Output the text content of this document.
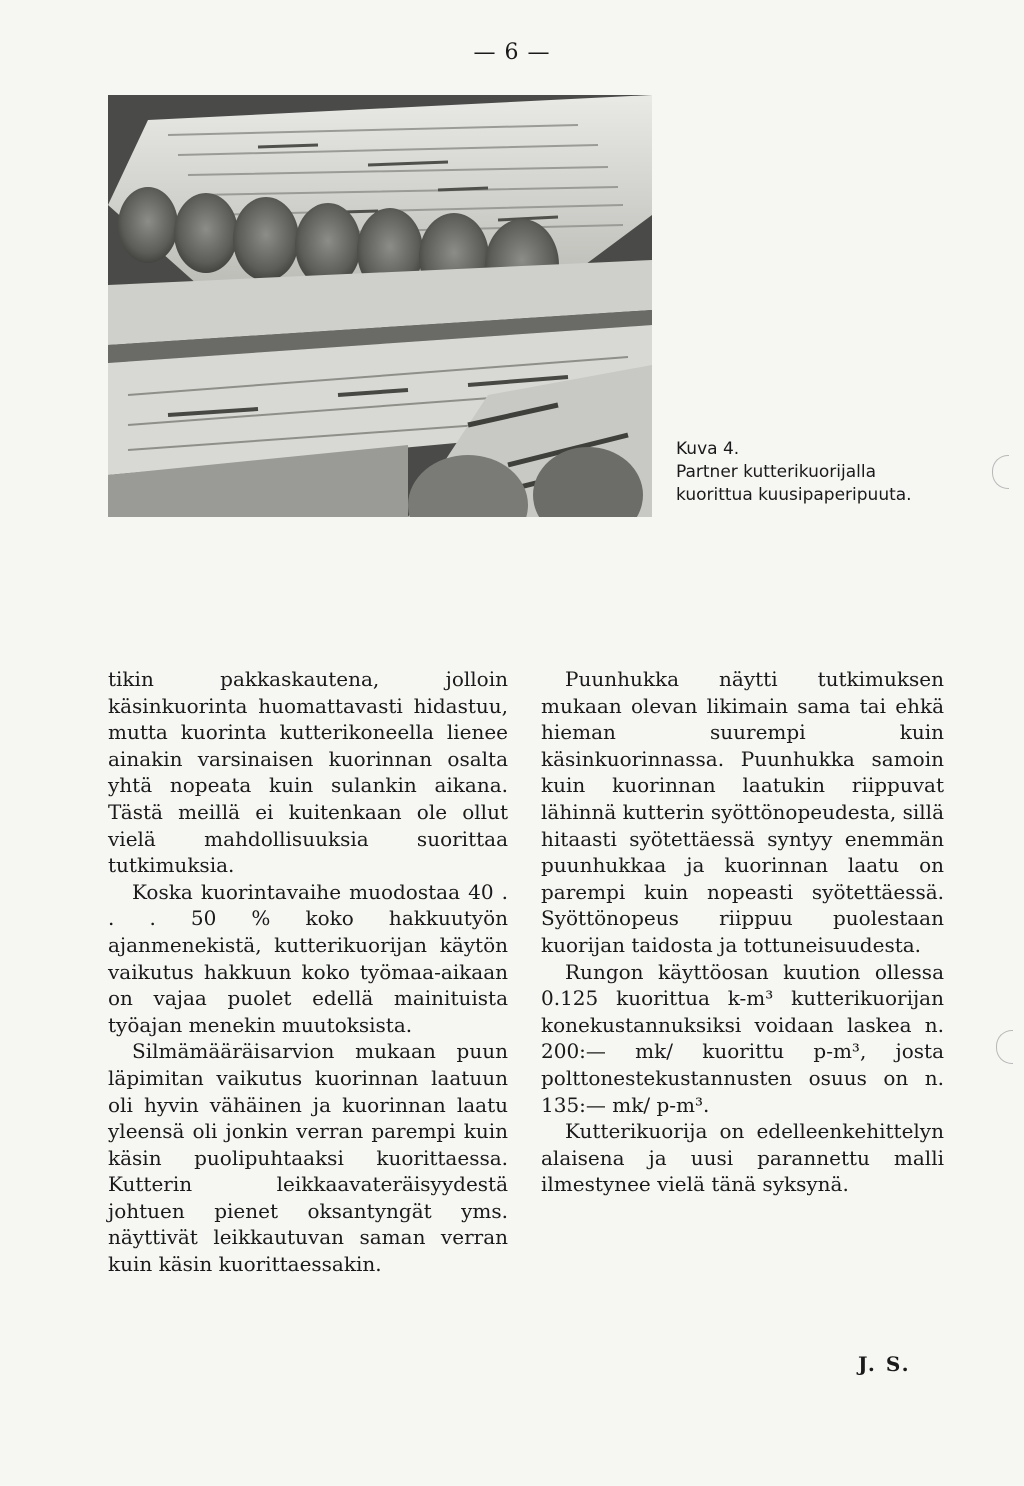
— 6 —
Kuva 4.
Partner kutterikuorijalla
kuorittua kuusipaperipuuta.

tikin pakkaskautena, jolloin käsinkuorinta huomattavasti hidastuu, mutta kuorinta kutterikoneella lienee ainakin varsinaisen kuorinnan osalta yhtä nopeata kuin sulankin aikana. Tästä meillä ei kuitenkaan ole ollut vielä mahdollisuuksia suorittaa tutkimuksia.

Koska kuorintavaihe muodostaa 40 . . . 50 % koko hakkuutyön ajanmenekistä, kutterikuorijan käytön vaikutus hakkuun koko työmaa-aikaan on vajaa puolet edellä mainituista työajan menekin muutoksista.

Silmämääräisarvion mukaan puun läpimitan vaikutus kuorinnan laatuun oli hyvin vähäinen ja kuorinnan laatu yleensä oli jonkin verran parempi kuin käsin puolipuhtaaksi kuorittaessa. Kutterin leikkaavateräisyydestä johtuen pienet oksantyngät yms. näyttivät leikkautuvan saman verran kuin käsin kuorittaessakin.

Puunhukka näytti tutkimuksen mukaan olevan likimain sama tai ehkä hieman suurempi kuin käsinkuorinnassa. Puunhukka samoin kuin kuorinnan laatukin riippuvat lähinnä kutterin syöttönopeudesta, sillä hitaasti syötettäessä syntyy enemmän puunhukkaa ja kuorinnan laatu on parempi kuin nopeasti syötettäessä. Syöttönopeus riippuu puolestaan kuorijan taidosta ja tottuneisuudesta.

Rungon käyttöosan kuution ollessa 0.125 kuorittua k-m³ kutterikuorijan konekustannuksiksi voidaan laskea n. 200:— mk/ kuorittu p-m³, josta polttonestekustannusten osuus on n. 135:— mk/ p-m³.

Kutterikuorija on edelleenkehittelyn alaisena ja uusi parannettu malli ilmestynee vielä tänä syksynä.

J. S.
